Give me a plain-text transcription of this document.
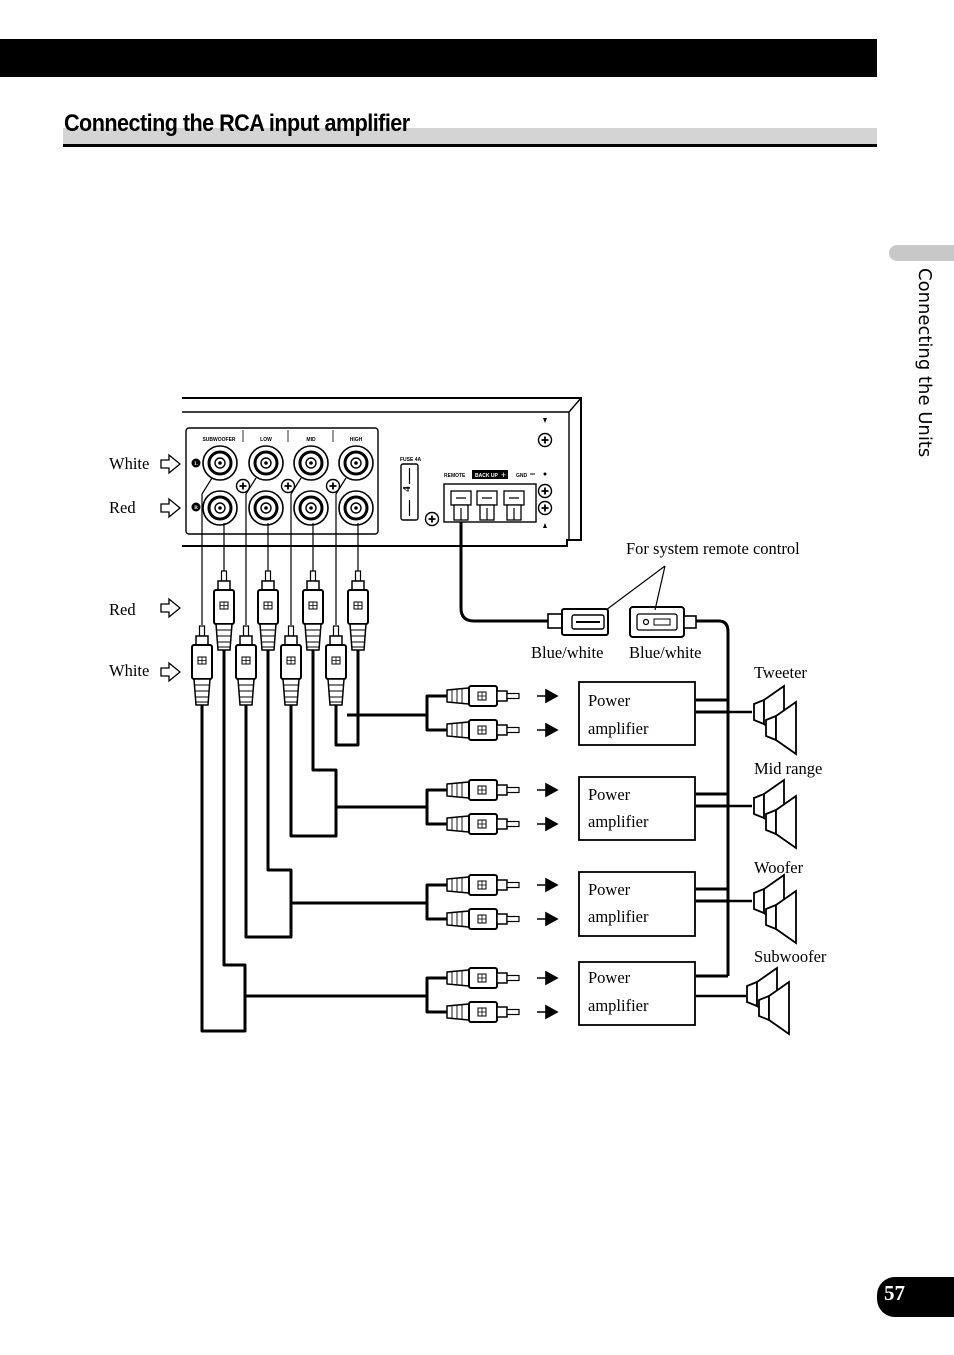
Connecting the RCA input amplifier
Connecting the Units
SUBWOOFER	LOW	MID	HIGH
L
R
FUSE 4A
4
REMOTE BACK UP + GND
White
Red
Red
White
For system remote control
Blue/white Blue/white
Power
amplifier
Power
amplifier
Power
amplifier
Power
amplifier
Tweeter
Mid range
Woofer
Subwoofer
57
